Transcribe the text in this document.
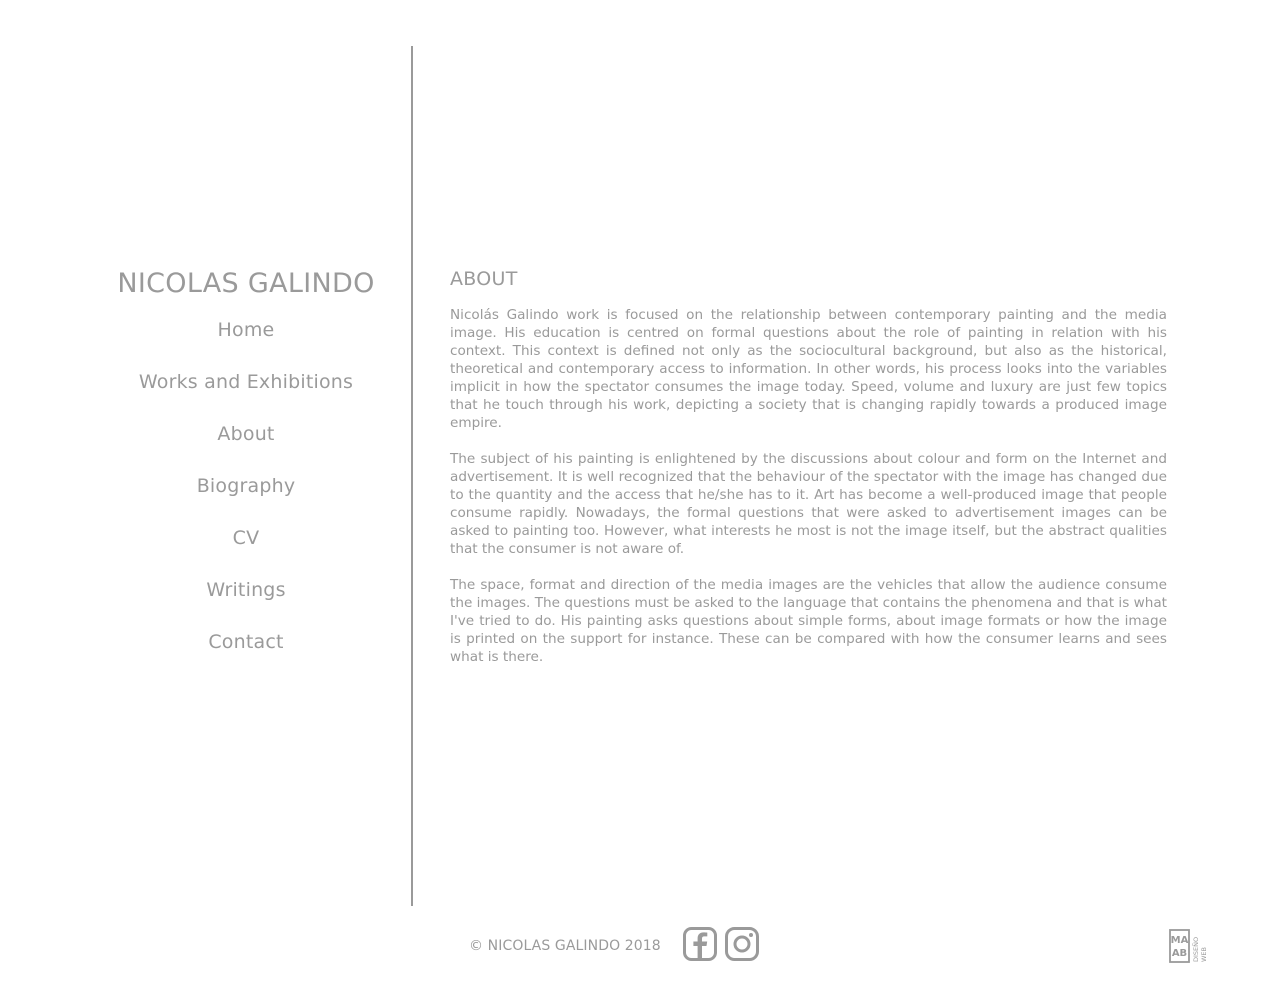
NICOLAS GALINDO
Home
Works and Exhibitions
About
Biography
CV
Writings
Contact
ABOUT

Nicolás Galindo work is focused on the relationship between contemporary painting and the media image. His education is centred on formal questions about the role of painting in relation with his context. This context is defined not only as the sociocultural background, but also as the historical, theoretical and contemporary access to information. In other words, his process looks into the variables implicit in how the spectator consumes the image today. Speed, volume and luxury are just few topics that he touch through his work, depicting a society that is changing rapidly towards a produced image empire.

The subject of his painting is enlightened by the discussions about colour and form on the Internet and advertisement. It is well recognized that the behaviour of the spectator with the image has changed due to the quantity and the access that he/she has to it. Art has become a well-produced image that people consume rapidly. Nowadays, the formal questions that were asked to advertisement images can be asked to painting too. However, what interests he most is not the image itself, but the abstract qualities that the consumer is not aware of.

The space, format and direction of the media images are the vehicles that allow the audience consume the images. The questions must be asked to the language that contains the phenomena and that is what I've tried to do. His painting asks questions about simple forms, about image formats or how the image is printed on the support for instance. These can be compared with how the consumer learns and sees what is there.

© NICOLAS GALINDO 2018	MA
AB DISEÑO WEB
